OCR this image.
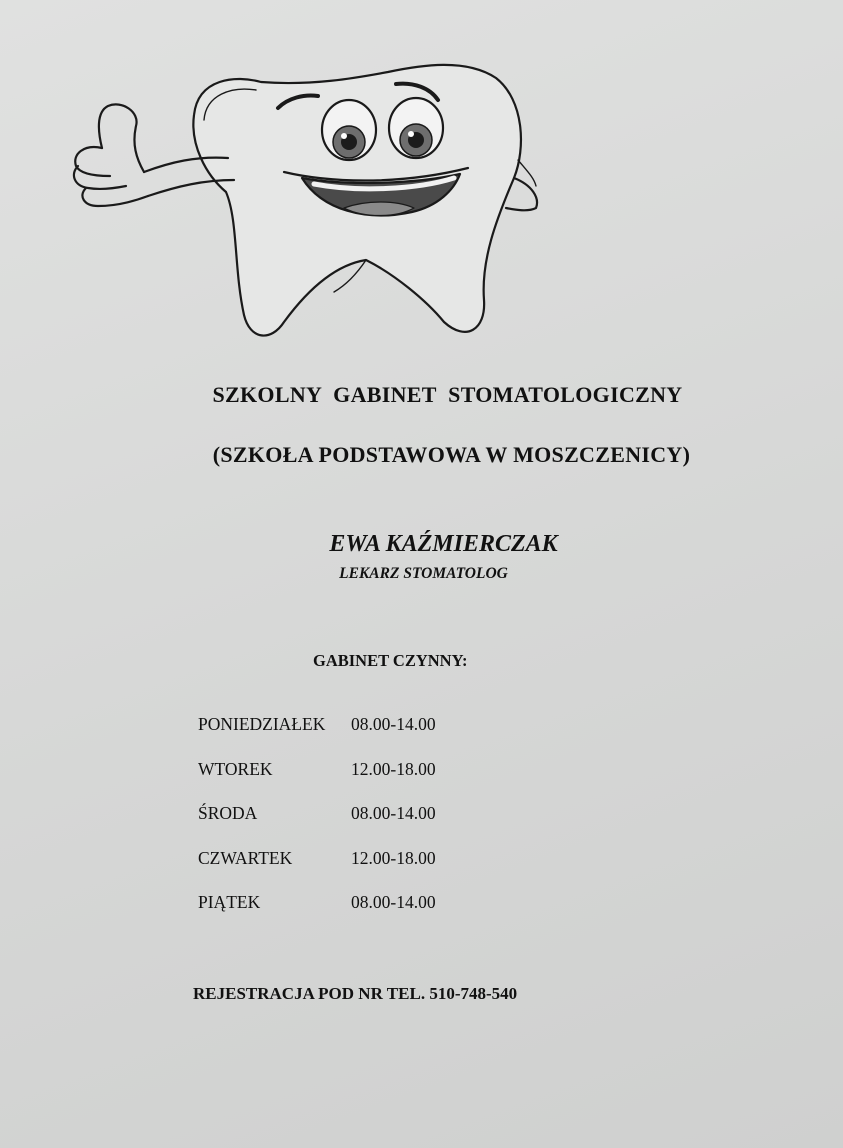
SZKOLNY GABINET STOMATOLOGICZNY
(SZKOŁA PODSTAWOWA W MOSZCZENICY)
EWA KAŹMIERCZAK
LEKARZ STOMATOLOG
GABINET CZYNNY:
PONIEDZIAŁEK 08.00-14.00
WTOREK	12.00-18.00
ŚRODA	08.00-14.00
CZWARTEK	12.00-18.00
PIĄTEK	08.00-14.00
REJESTRACJA POD NR TEL. 510-748-540
